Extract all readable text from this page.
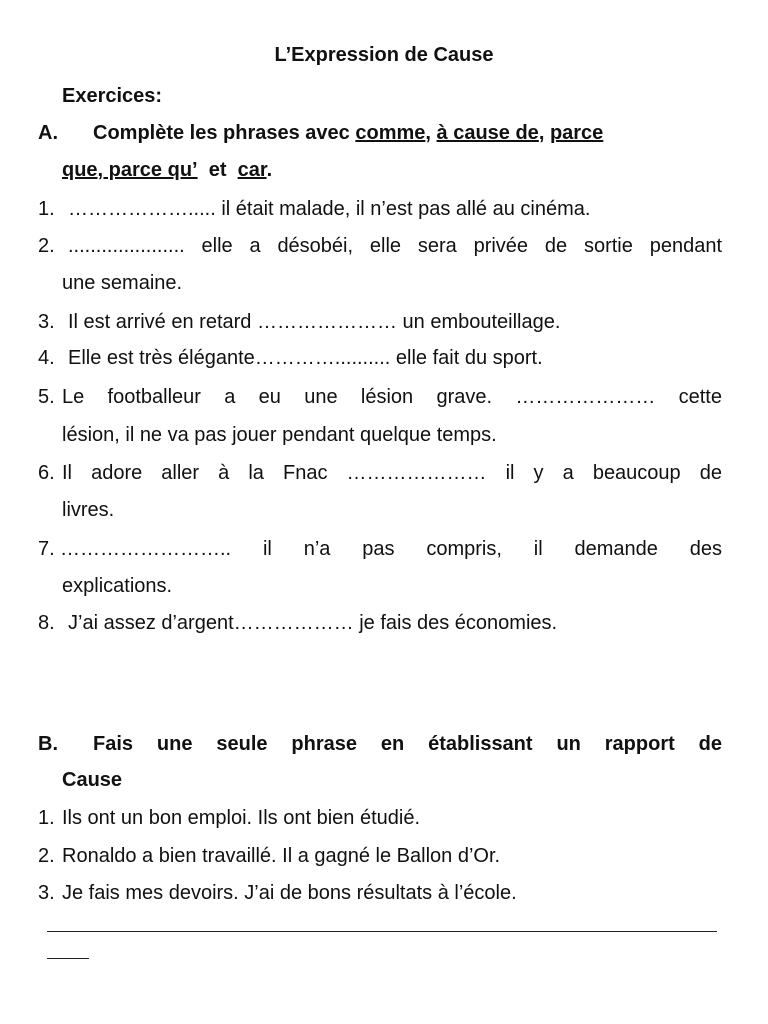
L’Expression de Cause
Exercices:
A. Complète les phrases avec comme, à cause de, parce
que, parce qu’ et car.
1. ………………..... il était malade, il n’est pas allé au cinéma.
2. ..................... elle a désobéi, elle sera privée de sortie pendant
une semaine.
3. Il est arrivé en retard ………………… un embouteillage.
4. Elle est très élégante………….......... elle fait du sport.
5. Le footballeur a eu une lésion grave. ………………… cette
lésion, il ne va pas jouer pendant quelque temps.
6. Il adore aller à la Fnac ………………… il y a beaucoup de
livres.
7. …………………….. il n’a pas compris, il demande des
explications.
8. J’ai assez d’argent……………… je fais des économies.
B. Fais une seule phrase en établissant un rapport de
Cause
1. Ils ont un bon emploi. Ils ont bien étudié.
2. Ronaldo a bien travaillé. Il a gagné le Ballon d’Or.
3. Je fais mes devoirs. J’ai de bons résultats à l’école.
